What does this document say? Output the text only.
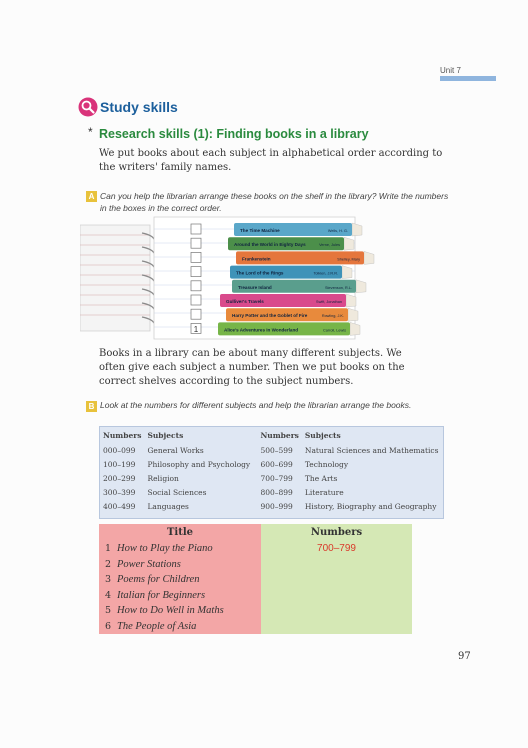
Unit 7
Study skills
* Research skills (1): Finding books in a library
We put books about each subject in alphabetical order according to the writers' family names.
A Can you help the librarian arrange these books on the shelf in the library? Write the numbers in the boxes in the correct order.
1
The Time Machine	Wells, H. G.
Around the World in Eighty Days	Verne, Jules
Frankenstein	Shelley, Mary
The Lord of the Rings	Tolkien, J.R.R.
Treasure Island	Stevenson, R.L.
Gulliver's Travels	Swift, Jonathan
Harry Potter and the Goblet of Fire	Rowling, J.K.
Alice's Adventures in Wonderland	Carroll, Lewis
Books in a library can be about many different subjects. We often give each subject a number. Then we put books on the correct shelves according to the subject numbers.
B Look at the numbers for different subjects and help the librarian arrange the books.
Numbers	Subjects	Numbers	Subjects
000–099	General Works	500–599	Natural Sciences and Mathematics
100–199	Philosophy and Psychology	600–699	Technology
200–299	Religion	700–799	The Arts
300–399	Social Sciences	800–899	Literature
400–499	Languages	900–999	History, Biography and Geography
Title		Numbers
1	How to Play the Piano	700–799
2	Power Stations	
3	Poems for Children	
4	Italian for Beginners	
5	How to Do Well in Maths	
6	The People of Asia	
97
